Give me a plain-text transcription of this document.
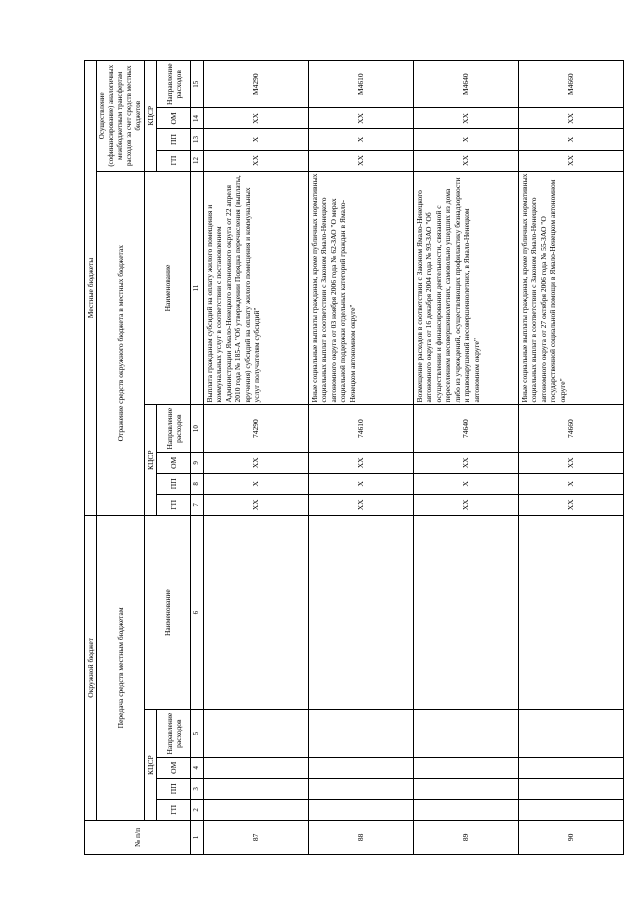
№ п/п	Окружной бюджет					Местные бюджеты								
	Передача средств местным бюджетам					Отражение средств окружного бюджета в местных бюджетах					Осуществление (софинансирование) аналогичных межбюджетным трансфертам расходов за счет средств местных бюджетов			
	КЦСР				Наименование	КЦСР				Наименование	КЦСР			
	ГП	ПП	ОМ	Направление расходов		ГП	ПП	ОМ	Направление расходов		ГП	ПП	ОМ	Направление расходов
1	2	3	4	5	6	7	8	9	10	11	12	13	14	15
87						XX	X	XX	74290	Выплата гражданам субсидий на оплату жилого помещения и коммунальных услуг в соответствии с постановлением Администрации Ямало-Ненецкого автономного округа от 22 апреля 2010 года № 185-А "Об утверждении Порядка перечисления (выплаты, вручения) субсидий на оплату жилого помещения и коммунальных услуг получателям субсидий"	XX	X	XX	M4290
88						XX	X	XX	74610	Иные социальные выплаты гражданам, кроме публичных нормативных социальных выплат в соответствии с Законом Ямало-Ненецкого автономного округа от 03 ноября 2006 года № 62-ЗАО "О мерах социальной поддержки отдельных категорий граждан в Ямало-Ненецком автономном округе"	XX	X	XX	M4610
89						XX	X	XX	74640	Возмещение расходов в соответствии с Законом Ямало-Ненецкого автономного округа от 16 декабря 2004 года № 93-ЗАО "Об осуществлении и финансировании деятельности, связанной с переселением несовершеннолетних, самовольно ушедших из дома либо из учреждений, осуществляющих профилактику безнадзорности и правонарушений несовершеннолетних, в Ямало-Ненецком автономном округе"	XX	X	XX	M4640
90						XX	X	XX	74660	Иные социальные выплаты гражданам, кроме публичных нормативных социальных выплат в соответствии с Законом Ямало-Ненецкого автономного округа от 27 октября 2006 года № 55-ЗАО "О государственной социальной помощи в Ямало-Ненецком автономном округе"	XX	X	XX	M4660
